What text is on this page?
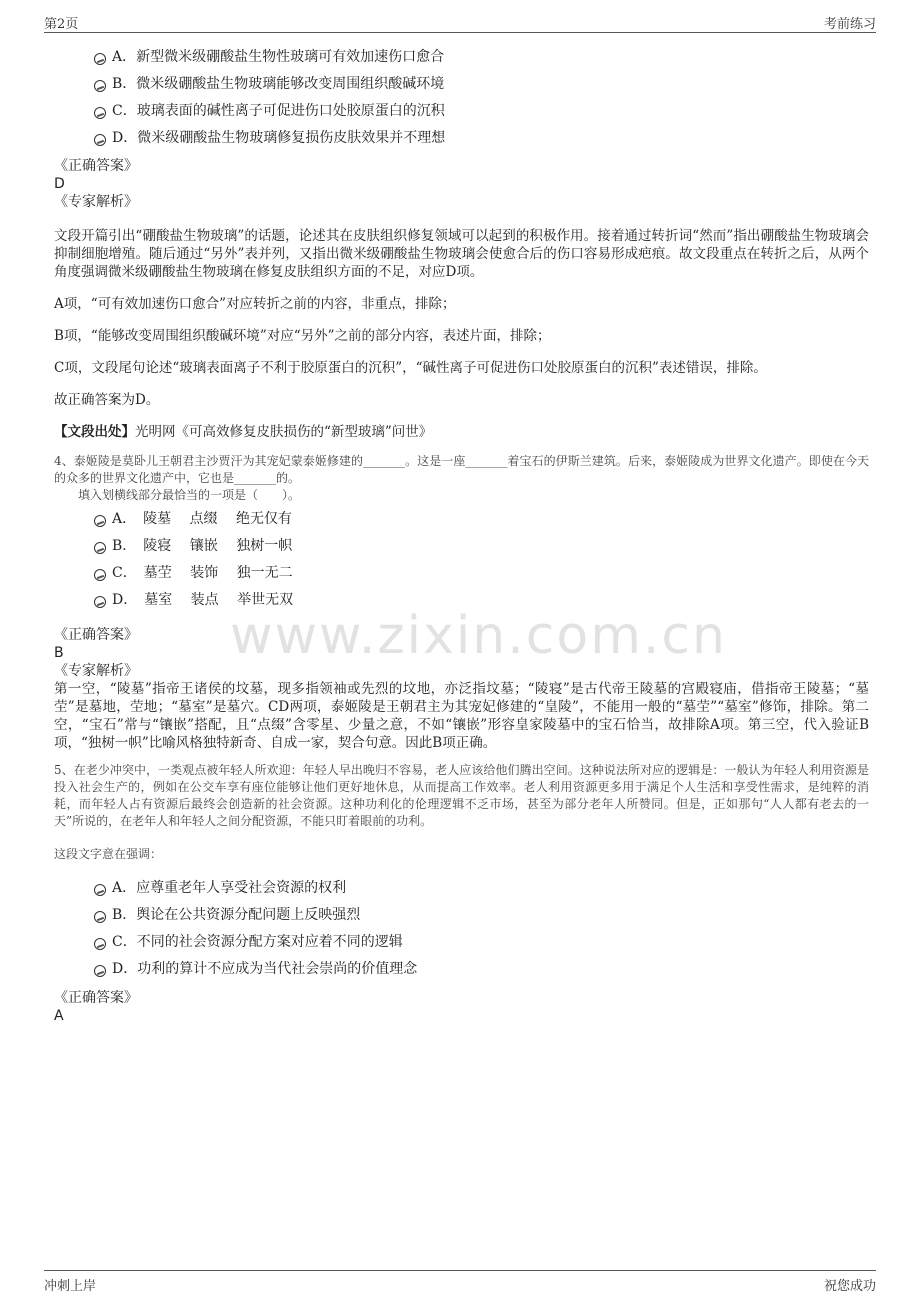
第2页	考前练习
www.zixin.com.cn
A．新型微米级硼酸盐生物性玻璃可有效加速伤口愈合
B．微米级硼酸盐生物玻璃能够改变周围组织酸碱环境
C．玻璃表面的碱性离子可促进伤口处胶原蛋白的沉积
D．微米级硼酸盐生物玻璃修复损伤皮肤效果并不理想
《正确答案》
D
《专家解析》
文段开篇引出“硼酸盐生物玻璃”的话题，论述其在皮肤组织修复领域可以起到的积极作用。接着通过转折词“然而”指出硼酸盐生物玻璃会抑制细胞增殖。随后通过“另外”表并列，又指出微米级硼酸盐生物玻璃会使愈合后的伤口容易形成疤痕。故文段重点在转折之后，从两个角度强调微米级硼酸盐生物玻璃在修复皮肤组织方面的不足，对应D项。
A项，“可有效加速伤口愈合”对应转折之前的内容，非重点，排除；
B项，“能够改变周围组织酸碱环境”对应“另外”之前的部分内容，表述片面，排除；
C项，文段尾句论述“玻璃表面离子不利于胶原蛋白的沉积”，“碱性离子可促进伤口处胶原蛋白的沉积”表述错误，排除。
故正确答案为D。
【文段出处】光明网《可高效修复皮肤损伤的“新型玻璃”问世》
4、泰姬陵是莫卧儿王朝君主沙贾汗为其宠妃蒙泰姬修建的_______。这是一座_______着宝石的伊斯兰建筑。后来，泰姬陵成为世界文化遗产。即使在今天的众多的世界文化遗产中，它也是_______的。
填入划横线部分最恰当的一项是（　　）。
A．　陵墓　 点缀　 绝无仅有
B．　陵寝　 镶嵌　 独树一帜
C．　墓茔　 装饰　 独一无二
D．　墓室　 装点　 举世无双
《正确答案》
B
《专家解析》
第一空，“陵墓”指帝王诸侯的坟墓，现多指领袖或先烈的坟地，亦泛指坟墓；“陵寝”是古代帝王陵墓的宫殿寝庙，借指帝王陵墓；“墓茔”是墓地，茔地；“墓室”是墓穴。CD两项，泰姬陵是王朝君主为其宠妃修建的“皇陵”，不能用一般的“墓茔”“墓室”修饰，排除。第二空，“宝石”常与“镶嵌”搭配，且“点缀”含零星、少量之意，不如“镶嵌”形容皇家陵墓中的宝石恰当，故排除A项。第三空，代入验证B项，“独树一帜”比喻风格独特新奇、自成一家，契合句意。因此B项正确。
5、在老少冲突中，一类观点被年轻人所欢迎：年轻人早出晚归不容易，老人应该给他们腾出空间。这种说法所对应的逻辑是：一般认为年轻人利用资源是投入社会生产的，例如在公交车享有座位能够让他们更好地休息，从而提高工作效率。老人利用资源更多用于满足个人生活和享受性需求，是纯粹的消耗，而年轻人占有资源后最终会创造新的社会资源。这种功利化的伦理逻辑不乏市场，甚至为部分老年人所赞同。但是，正如那句“人人都有老去的一天”所说的，在老年人和年轻人之间分配资源，不能只盯着眼前的功利。
这段文字意在强调：
A．应尊重老年人享受社会资源的权利
B．舆论在公共资源分配问题上反映强烈
C．不同的社会资源分配方案对应着不同的逻辑
D．功利的算计不应成为当代社会崇尚的价值理念
《正确答案》
A
冲刺上岸	祝您成功
